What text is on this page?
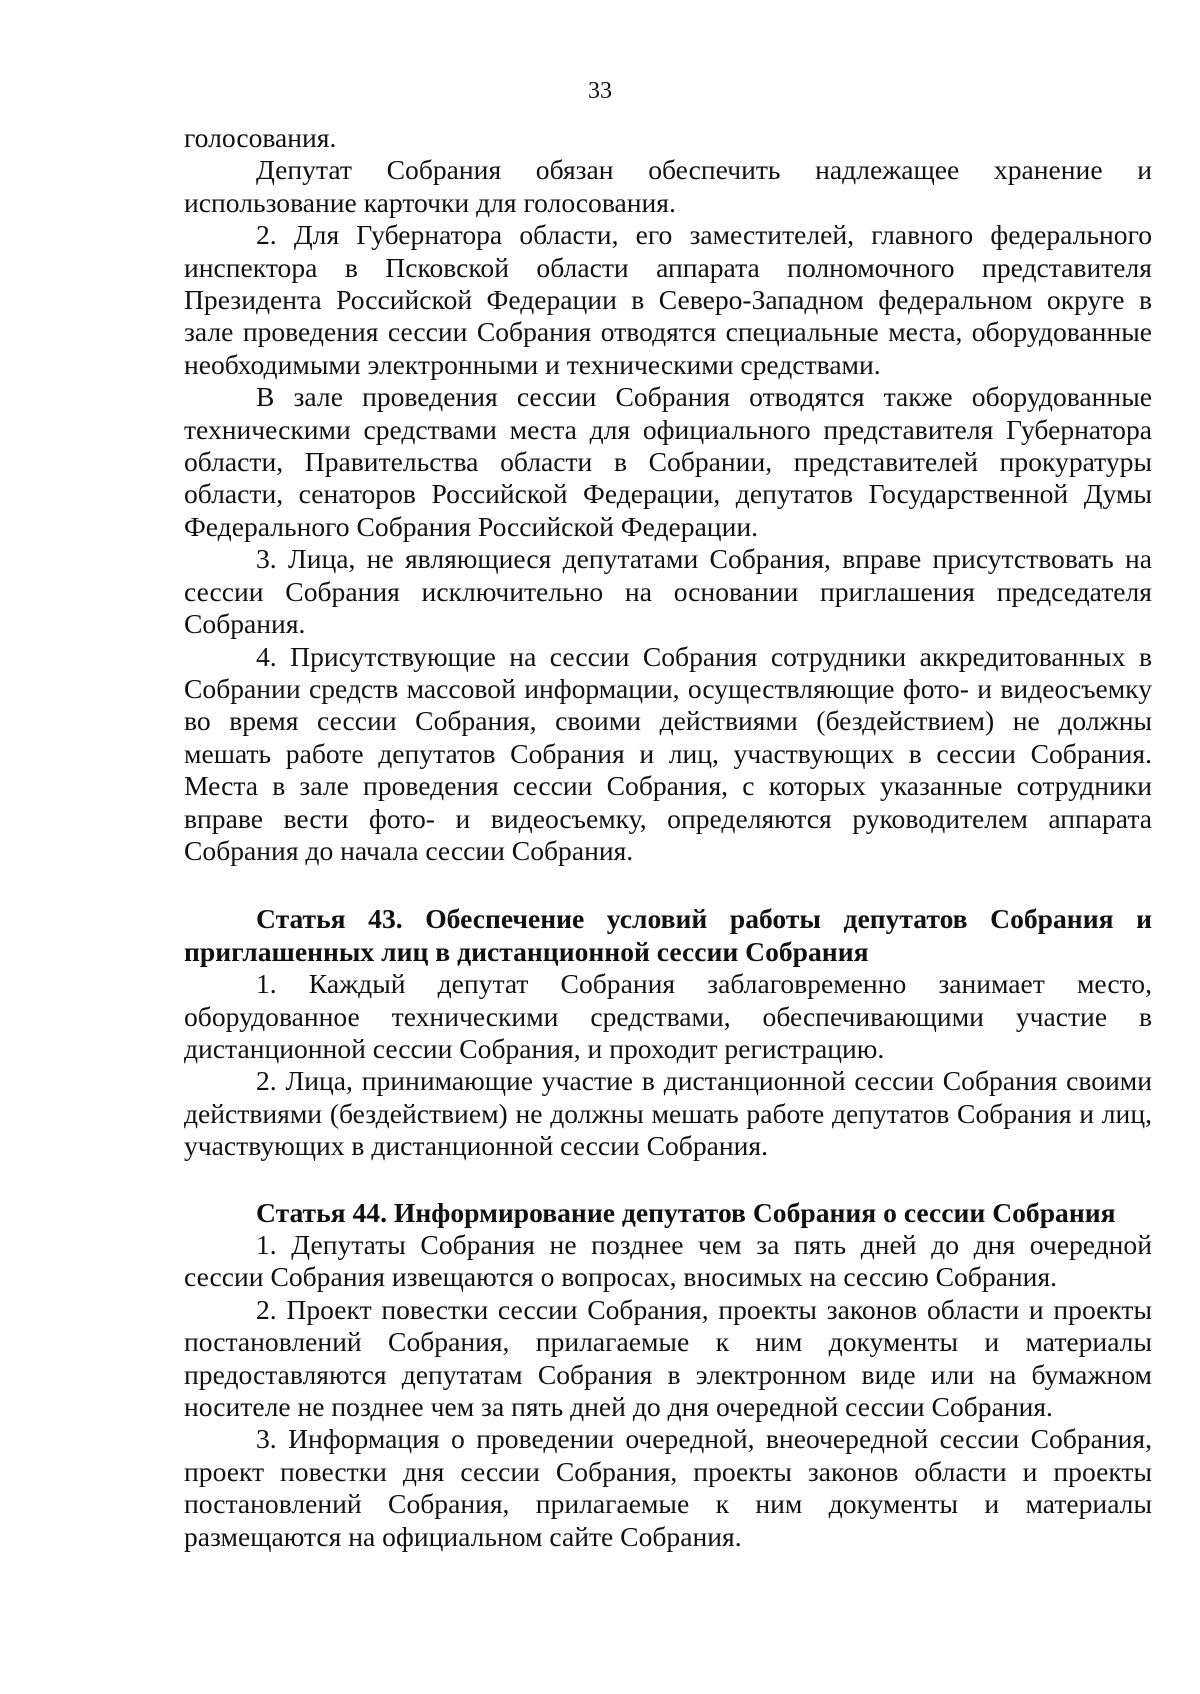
33

голосования.

Депутат Собрания обязан обеспечить надлежащее хранение и использование карточки для голосования.

2. Для Губернатора области, его заместителей, главного федерального инспектора в Псковской области аппарата полномочного представителя Президента Российской Федерации в Северо-Западном федеральном округе в зале проведения сессии Собрания отводятся специальные места, оборудованные необходимыми электронными и техническими средствами.

В зале проведения сессии Собрания отводятся также оборудованные техническими средствами места для официального представителя Губернатора области, Правительства области в Собрании, представителей прокуратуры области, сенаторов Российской Федерации, депутатов Государственной Думы Федерального Собрания Российской Федерации.

3. Лица, не являющиеся депутатами Собрания, вправе присутствовать на сессии Собрания исключительно на основании приглашения председателя Собрания.

4. Присутствующие на сессии Собрания сотрудники аккредитованных в Собрании средств массовой информации, осуществляющие фото- и видеосъемку во время сессии Собрания, своими действиями (бездействием) не должны мешать работе депутатов Собрания и лиц, участвующих в сессии Собрания. Места в зале проведения сессии Собрания, с которых указанные сотрудники вправе вести фото- и видеосъемку, определяются руководителем аппарата Собрания до начала сессии Собрания.

Статья 43. Обеспечение условий работы депутатов Собрания и приглашенных лиц в дистанционной сессии Собрания

1. Каждый депутат Собрания заблаговременно занимает место, оборудованное техническими средствами, обеспечивающими участие в дистанционной сессии Собрания, и проходит регистрацию.

2. Лица, принимающие участие в дистанционной сессии Собрания своими действиями (бездействием) не должны мешать работе депутатов Собрания и лиц, участвующих в дистанционной сессии Собрания.

Статья 44. Информирование депутатов Собрания о сессии Собрания

1. Депутаты Собрания не позднее чем за пять дней до дня очередной сессии Собрания извещаются о вопросах, вносимых на сессию Собрания.

2. Проект повестки сессии Собрания, проекты законов области и проекты постановлений Собрания, прилагаемые к ним документы и материалы предоставляются депутатам Собрания в электронном виде или на бумажном носителе не позднее чем за пять дней до дня очередной сессии Собрания.

3. Информация о проведении очередной, внеочередной сессии Собрания, проект повестки дня сессии Собрания, проекты законов области и проекты постановлений Собрания, прилагаемые к ним документы и материалы размещаются на официальном сайте Собрания.
